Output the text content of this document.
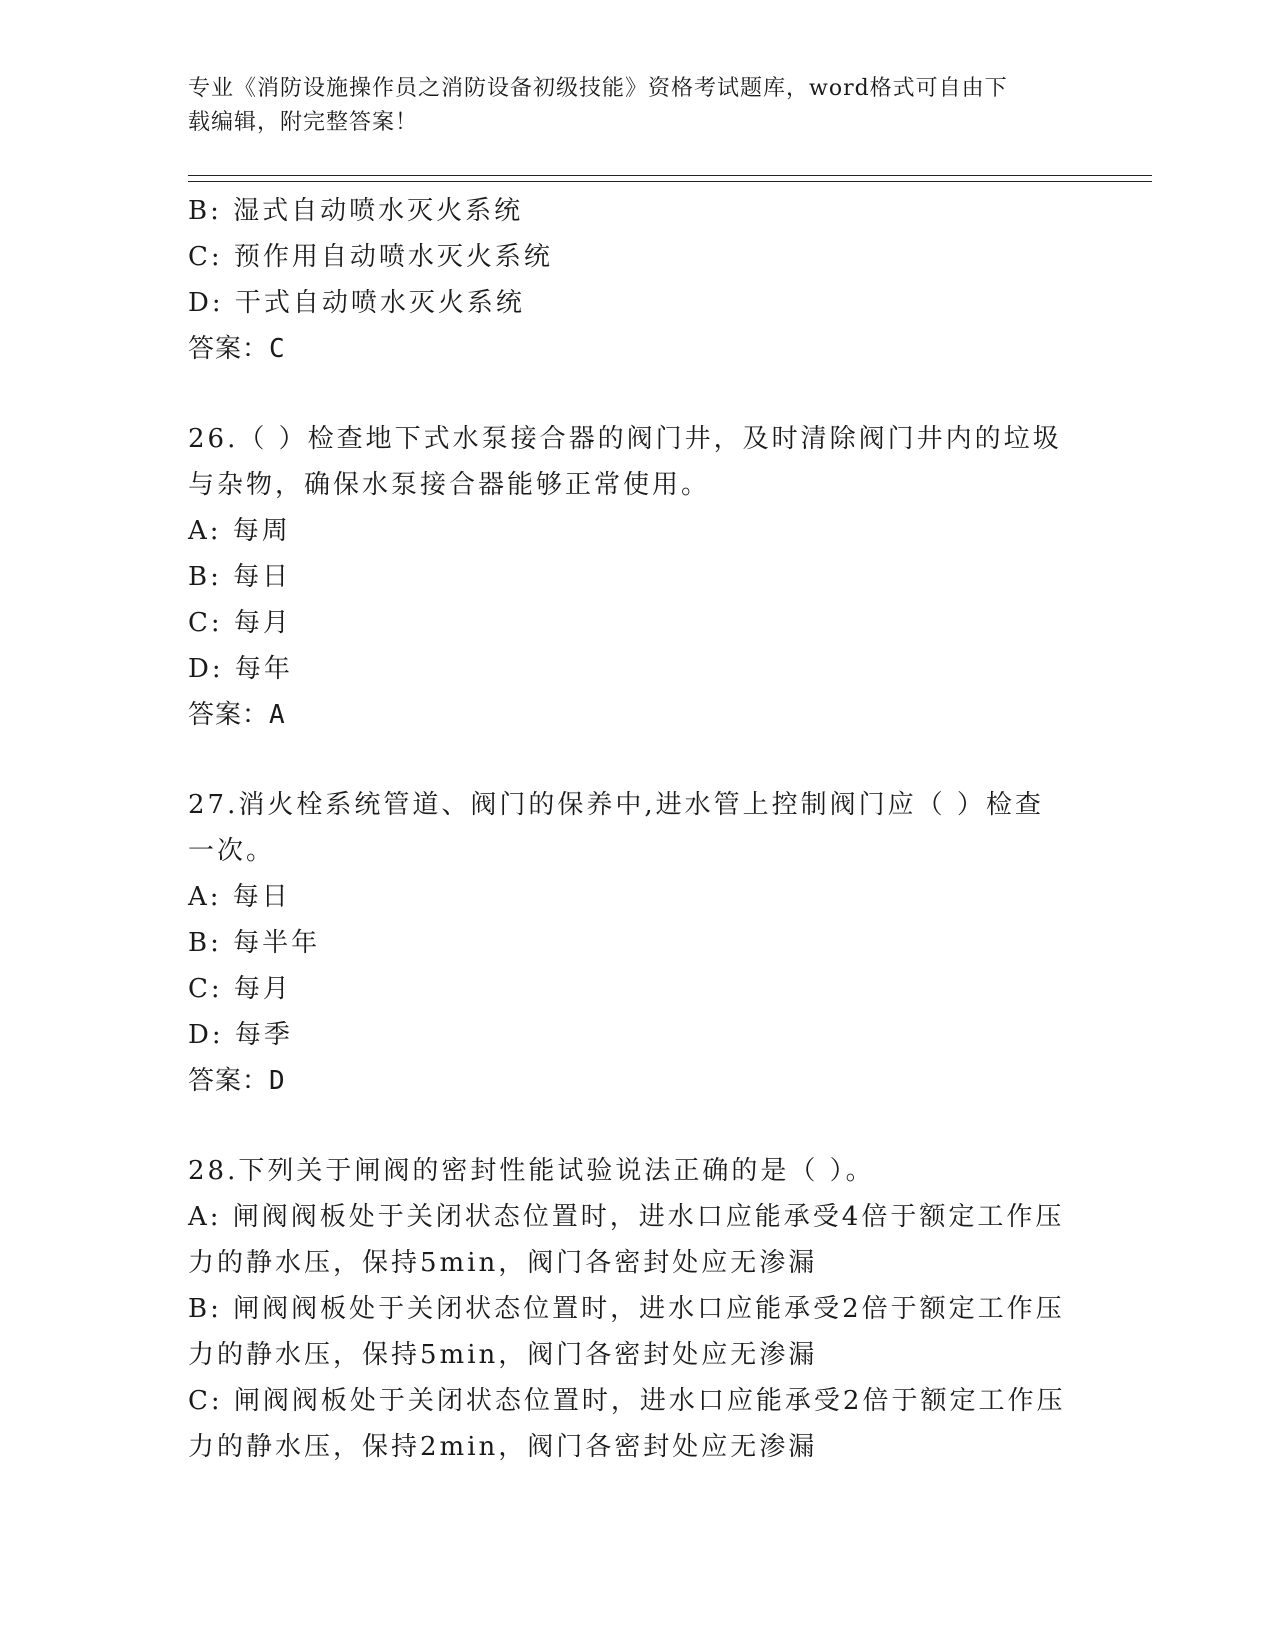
专业《消防设施操作员之消防设备初级技能》资格考试题库，word格式可自由下
载编辑，附完整答案！
B: 湿式自动喷水灭火系统
C: 预作用自动喷水灭火系统
D: 干式自动喷水灭火系统
答案：C
26.（ ）检查地下式水泵接合器的阀门井，及时清除阀门井内的垃圾
与杂物，确保水泵接合器能够正常使用。
A: 每周
B: 每日
C: 每月
D: 每年
答案：A
27.消火栓系统管道、阀门的保养中,进水管上控制阀门应（ ）检查
一次。
A: 每日
B: 每半年
C: 每月
D: 每季
答案：D
28.下列关于闸阀的密封性能试验说法正确的是（ ）。
A: 闸阀阀板处于关闭状态位置时，进水口应能承受4倍于额定工作压
力的静水压，保持5min，阀门各密封处应无渗漏
B: 闸阀阀板处于关闭状态位置时，进水口应能承受2倍于额定工作压
力的静水压，保持5min，阀门各密封处应无渗漏
C: 闸阀阀板处于关闭状态位置时，进水口应能承受2倍于额定工作压
力的静水压，保持2min，阀门各密封处应无渗漏
